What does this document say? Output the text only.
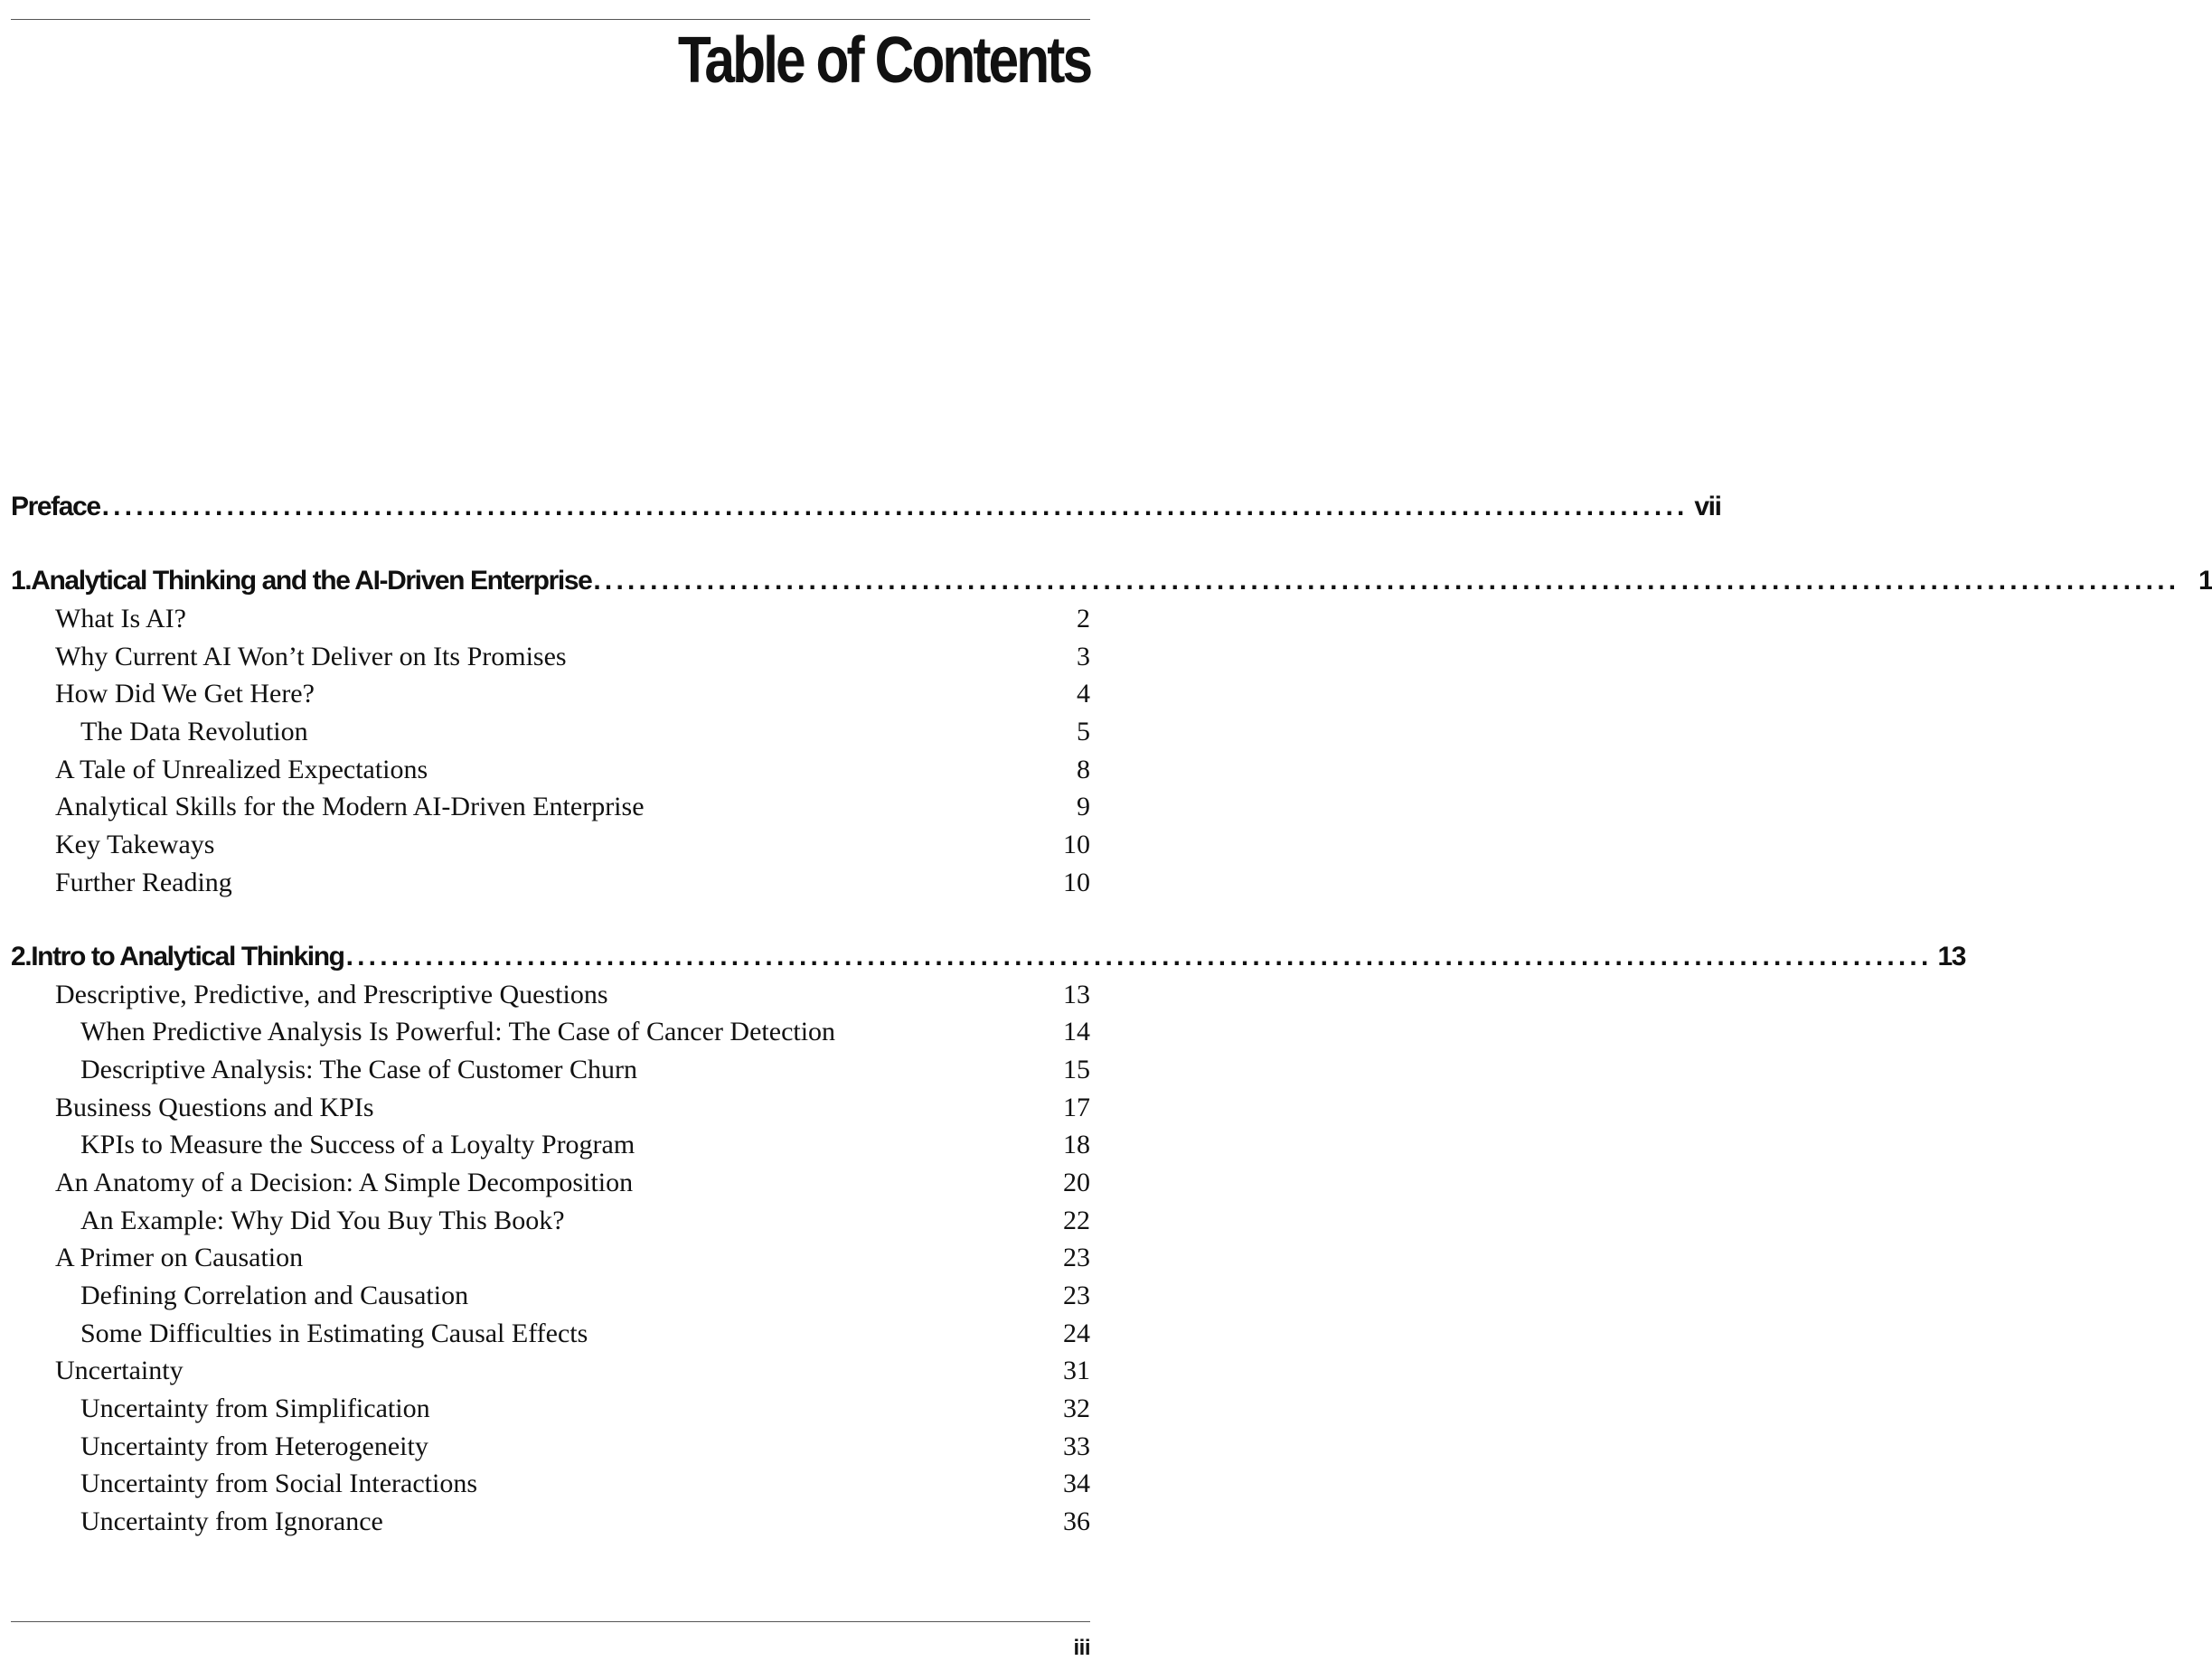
Table of Contents
Preface ............................................................................................................................................ vii
1. Analytical Thinking and the AI-Driven Enterprise ............................................................................................................................................ 1
What Is AI?	2
Why Current AI Won’t Deliver on Its Promises	3
How Did We Get Here?	4
The Data Revolution	5
A Tale of Unrealized Expectations	8
Analytical Skills for the Modern AI-Driven Enterprise	9
Key Takeways	10
Further Reading	10
2. Intro to Analytical Thinking ............................................................................................................................................ 13
Descriptive, Predictive, and Prescriptive Questions	13
When Predictive Analysis Is Powerful: The Case of Cancer Detection	14
Descriptive Analysis: The Case of Customer Churn	15
Business Questions and KPIs	17
KPIs to Measure the Success of a Loyalty Program	18
An Anatomy of a Decision: A Simple Decomposition	20
An Example: Why Did You Buy This Book?	22
A Primer on Causation	23
Defining Correlation and Causation	23
Some Difficulties in Estimating Causal Effects	24
Uncertainty	31
Uncertainty from Simplification	32
Uncertainty from Heterogeneity	33
Uncertainty from Social Interactions	34
Uncertainty from Ignorance	36
iii
